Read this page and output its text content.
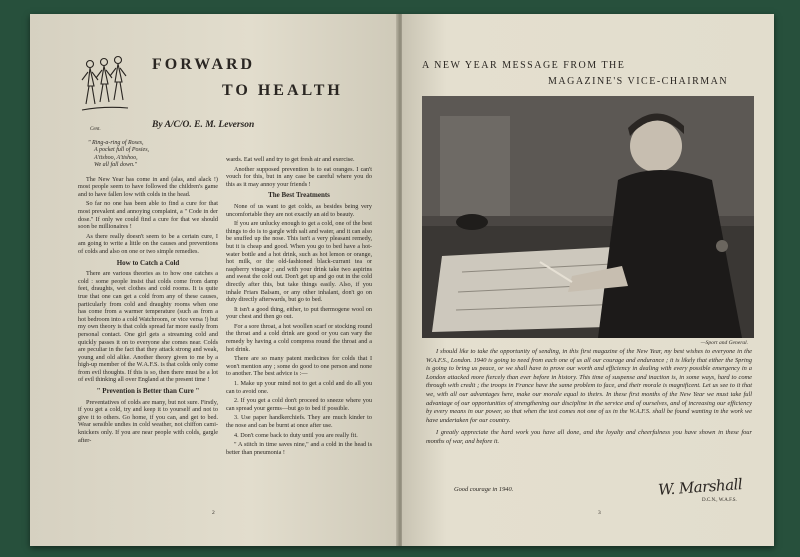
Cent.
FORWARD
TO HEALTH
By A/C/O. E. M. Leverson
" Ring-a-ring of Roses,
A pocket full of Posies,
A'tishoo, A'tishoo,
We all fall down."

The New Year has come in and (alas, and alack !) most people seem to have followed the children's game and to have fallen low with colds in the head.

So far no one has been able to find a cure for that most prevalent and annoying complaint, a " Code in der dose." If only we could find a cure for that we should soon be millionaires !

As there really doesn't seem to be a certain cure, I am going to write a little on the causes and preventions of colds and also on one or two simple remedies.

How to Catch a Cold

There are various theories as to how one catches a cold : some people insist that colds come from damp feet, draughts, wet clothes and cold rooms. It is quite true that one can get a cold from any of these causes, particularly from cold and draughty rooms when one has come from a warmer temperature (such as from a hot bedroom into a cold Watchroom, or vice versa !) but my own theory is that colds spread far more easily from personal contact. One girl gets a streaming cold and quickly passes it on to everyone she comes near. Colds are peculiar in the fact that they attack strong and weak, young and old alike. Another theory given to me by a high-up member of the W.A.F.S. is that colds only come from evil thoughts. If this is so, then there must be a lot of evil thinking all over England at the present time !

" Prevention is Better than Cure "

Preventatives of colds are many, but not sure. Firstly, if you get a cold, try and keep it to yourself and not to give it to others. Go home, if you can, and get to bed. Wear sensible undies in cold weather, not chiffon cami-knickers only. If you are near people with colds, gargle after-

wards. Eat well and try to get fresh air and exercise.

Another supposed prevention is to eat oranges. I can't vouch for this, but in any case be careful where you do this as it may annoy your friends !

The Best Treatments

None of us want to get colds, as besides being very uncomfortable they are not exactly an aid to beauty.

If you are unlucky enough to get a cold, one of the best things to do is to gargle with salt and water, and it can also be snuffed up the nose. This isn't a very pleasant remedy, but it is cheap and good. When you go to bed have a hot-water bottle and a hot drink, such as hot lemon or orange, hot milk, or the old-fashioned black-currant tea or raspberry vinegar ; and with your drink take two aspirins and sweat the cold out. Don't get up and go out in the cold directly after this, but take things easily. Also, if you inhale Friars Balsam, or any other inhalant, don't go on duty directly afterwards, but go to bed.

It isn't a good thing, either, to put thermogene wool on your chest and then go out.

For a sore throat, a hot woollen scarf or stocking round the throat and a cold drink are good or you can vary the remedy by having a cold compress round the throat and a hot drink.

There are so many patent medicines for colds that I won't mention any ; some do good to one person and none to another. The best advice is :—

1. Make up your mind not to get a cold and do all you can to avoid one.

2. If you get a cold don't proceed to sneeze where you can spread your germs—but go to bed if possible.

3. Use paper handkerchiefs. They are much kinder to the nose and can be burnt at once after use.

4. Don't come back to duty until you are really fit.

" A stitch in time saves nine," and a cold in the head is better than pneumonia !

2
A NEW YEAR MESSAGE FROM THE
MAGAZINE'S VICE-CHAIRMAN
—Sport and General.

I should like to take the opportunity of sending, in this first magazine of the New Year, my best wishes to everyone in the W.A.F.S., London. 1940 is going to need from each one of us all our courage and endurance ; it is likely that either the Spring is going to bring us peace, or we shall have to prove our worth and efficiency in dealing with every possible emergency in a London attacked more fiercely than ever before in history. This time of suspense and inaction is, in some ways, hard to come through with credit ; the troops in France have the same problem to face, and their morale is magnificent. Let us see to it that we, with all our advantages here, make our morale equal to theirs. In these first months of the New Year we must take full advantage of our opportunities of strengthening our discipline in the service and of ourselves, and of increasing our efficiency by every means in our power, so that when the test comes not one of us in the W.A.F.S. shall be found wanting in the work we have undertaken for our country.

I greatly appreciate the hard work you have all done, and the loyalty and cheerfulness you have shown in these four months of war, and before it.

Good courage in 1940.	W. Marshall
D.C.N., W.A.F.S.
3
